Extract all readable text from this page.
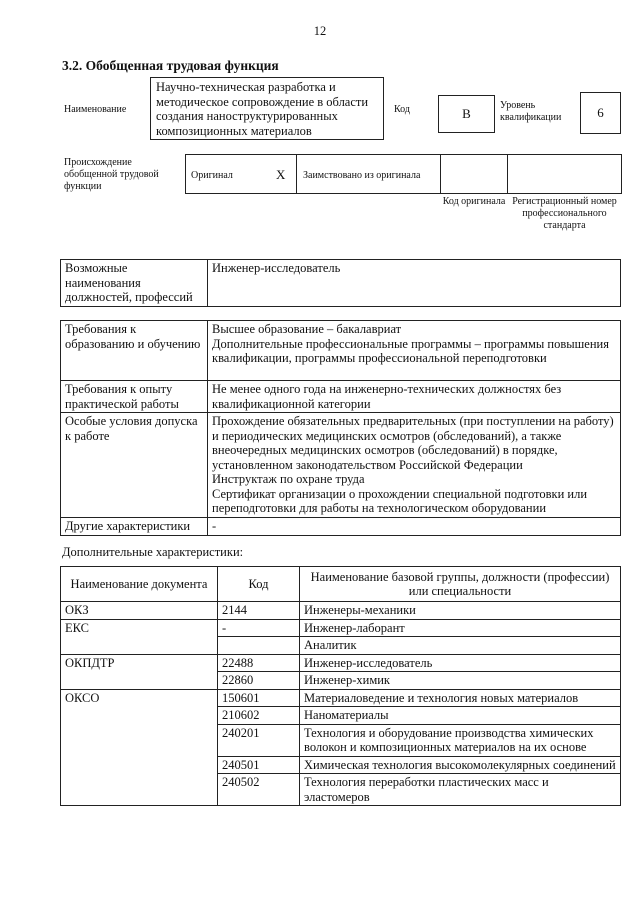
12
3.2. Обобщенная трудовая функция
Наименование
Научно-техническая разработка и методическое сопровождение в области создания наноструктурированных композиционных материалов
Код	B
Уровень квалификации	6
Происхождение обобщенной трудовой функции
Оригинал	X Заимствовано из оригинала
Код оригинала Регистрационный номер профессионального стандарта
Возможные наименования должностей, профессий	Инженер-исследователь
Требования к образованию и обучению	Высшее образование – бакалавриат
Дополнительные профессиональные программы – программы повышения квалификации, программы профессиональной переподготовки
Требования к опыту практической работы	Не менее одного года на инженерно-технических должностях без квалификационной категории
Особые условия допуска к работе	Прохождение обязательных предварительных (при поступлении на работу) и периодических медицинских осмотров (обследований), а также внеочередных медицинских осмотров (обследований) в порядке, установленном законодательством Российской Федерации
Инструктаж по охране труда
Сертификат организации о прохождении специальной подготовки или переподготовки для работы на технологическом оборудовании
Другие характеристики	-
Дополнительные характеристики:
Наименование документа	Код	Наименование базовой группы, должности (профессии) или специальности
ОКЗ	2144	Инженеры-механики
ЕКС	-	Инженер-лаборант
		Аналитик
ОКПДТР	22488	Инженер-исследователь
	22860	Инженер-химик
ОКСО	150601	Материаловедение и технология новых материалов
	210602	Наноматериалы
	240201	Технология и оборудование производства химических волокон и композиционных материалов на их основе
	240501	Химическая технология высокомолекулярных соединений
	240502	Технология переработки пластических масс и эластомеров
